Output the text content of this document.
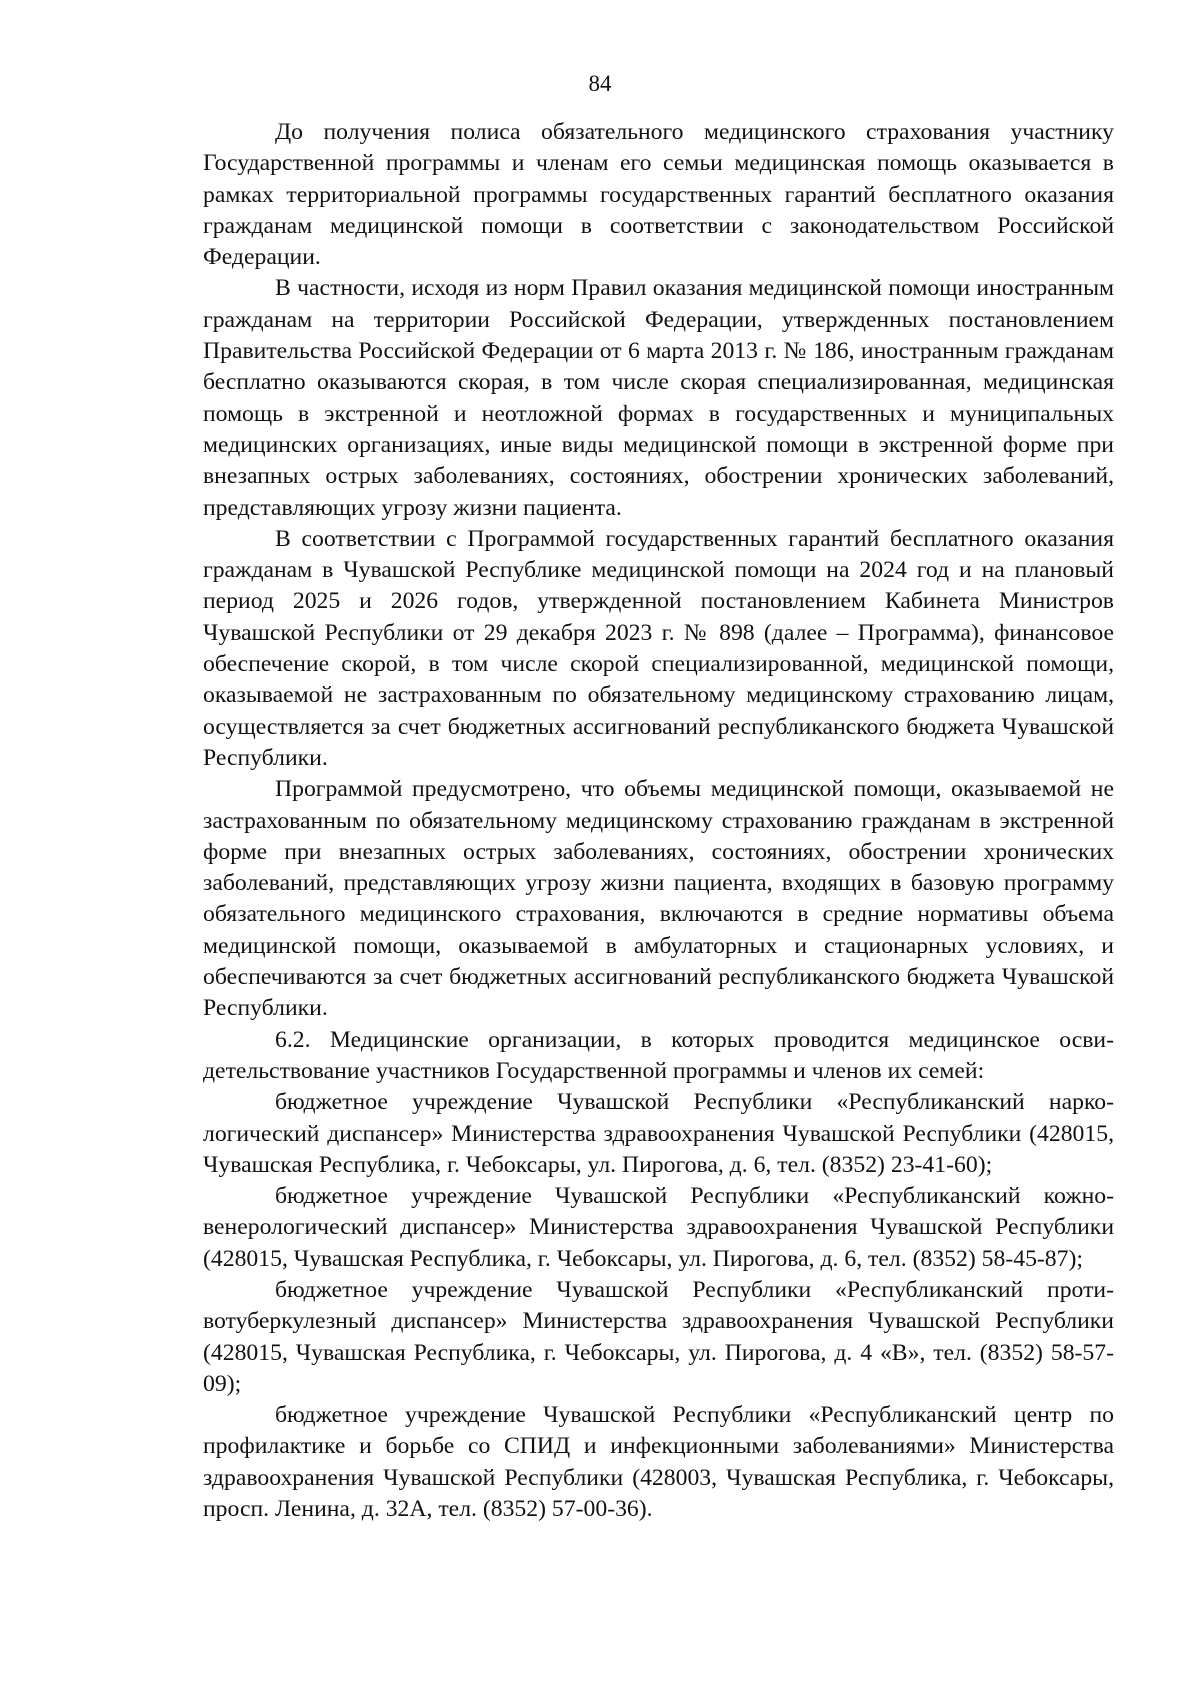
84

До получения полиса обязательного медицинского страхования участнику Государственной программы и членам его семьи медицинская помощь оказывается в рамках территориальной программы государственных гарантий бесплатного оказания гражданам медицинской помощи в соответствии с законодательством Российской Федерации.

В частности, исходя из норм Правил оказания медицинской помощи иностранным гражданам на территории Российской Федерации, утвержденных постановлением Правительства Российской Федерации от 6 марта 2013 г. № 186, иностранным гражданам бесплатно оказываются скорая, в том числе скорая специализированная, медицинская помощь в экстренной и неотложной формах в государственных и муниципальных медицинских организациях, иные виды медицинской помощи в экстренной форме при внезапных острых заболеваниях, состояниях, обострении хронических заболеваний, представляющих угрозу жизни пациента.

В соответствии с Программой государственных гарантий бесплатного оказания гражданам в Чувашской Республике медицинской помощи на 2024 год и на плановый период 2025 и 2026 годов, утвержденной постановлением Кабинета Министров Чувашской Республики от 29 декабря 2023 г. № 898 (далее – Программа), финансовое обеспечение скорой, в том числе скорой специализированной, медицинской помощи, оказываемой не застрахованным по обязательному медицинскому страхованию лицам, осуществляется за счет бюджетных ассигнований республиканского бюджета Чувашской Республики.

Программой предусмотрено, что объемы медицинской помощи, оказываемой не застрахованным по обязательному медицинскому страхованию гражданам в экстренной форме при внезапных острых заболеваниях, состояниях, обострении хронических заболеваний, представляющих угрозу жизни пациента, входящих в базовую программу обязательного медицинского страхования, включаются в средние нормативы объема медицинской помощи, оказываемой в амбулаторных и стационарных условиях, и обеспечиваются за счет бюджетных ассигнований республиканского бюджета Чувашской Республики.

6.2. Медицинские организации, в которых проводится медицинское освидетельствование участников Государственной программы и членов их семей:

бюджетное учреждение Чувашской Республики «Республиканский наркологический диспансер» Министерства здравоохранения Чувашской Республики (428015, Чувашская Республика, г. Чебоксары, ул. Пирогова, д. 6, тел. (8352) 23-41-60);

бюджетное учреждение Чувашской Республики «Республиканский кожновенерологический диспансер» Министерства здравоохранения Чувашской Республики (428015, Чувашская Республика, г. Чебоксары, ул. Пирогова, д. 6, тел. (8352) 58-45-87);

бюджетное учреждение Чувашской Республики «Республиканский противотуберкулезный диспансер» Министерства здравоохранения Чувашской Республики (428015, Чувашская Республика, г. Чебоксары, ул. Пирогова, д. 4 «В», тел. (8352) 58-57-09);

бюджетное учреждение Чувашской Республики «Республиканский центр по профилактике и борьбе со СПИД и инфекционными заболеваниями» Министерства здравоохранения Чувашской Республики (428003, Чувашская Республика, г. Чебоксары, просп. Ленина, д. 32А, тел. (8352) 57-00-36).
